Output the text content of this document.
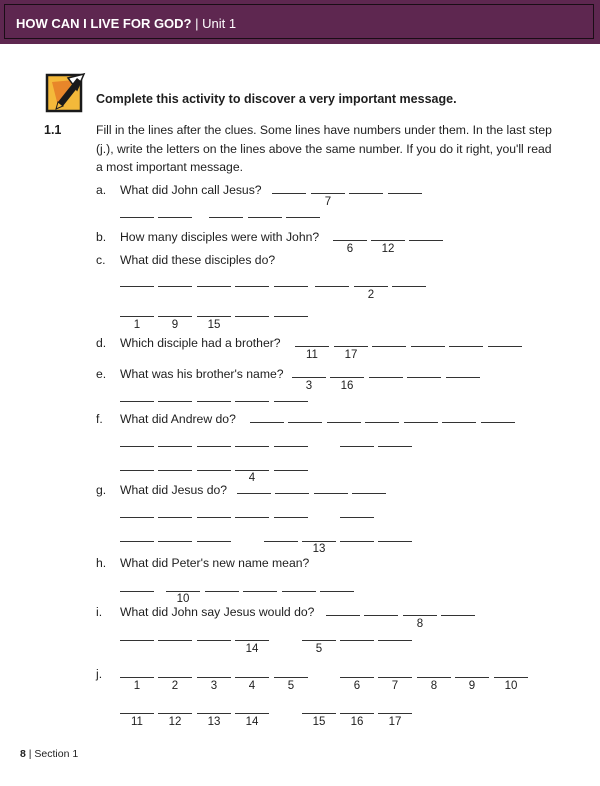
HOW CAN I LIVE FOR GOD? | Unit 1
Complete this activity to discover a very important message.
1.1	Fill in the lines after the clues. Some lines have numbers under them. In the last step (j.), write the letters on the lines above the same number. If you do it right, you'll read a most important message.
a. What did John call Jesus?
b. How many disciples were with John?
c. What did these disciples do?
d. Which disciple had a brother?
e. What was his brother's name?
f. What did Andrew do?
g. What did Jesus do?
h. What did Peter's new name mean?
i. What did John say Jesus would do?
j.
7
6	12
2
1	9	15
11	17
3	16
4
13
10
8
14	5
1	2	3	4	5	6	7	8	9	10
11	12	13	14	15	16	17
8 | Section 1
